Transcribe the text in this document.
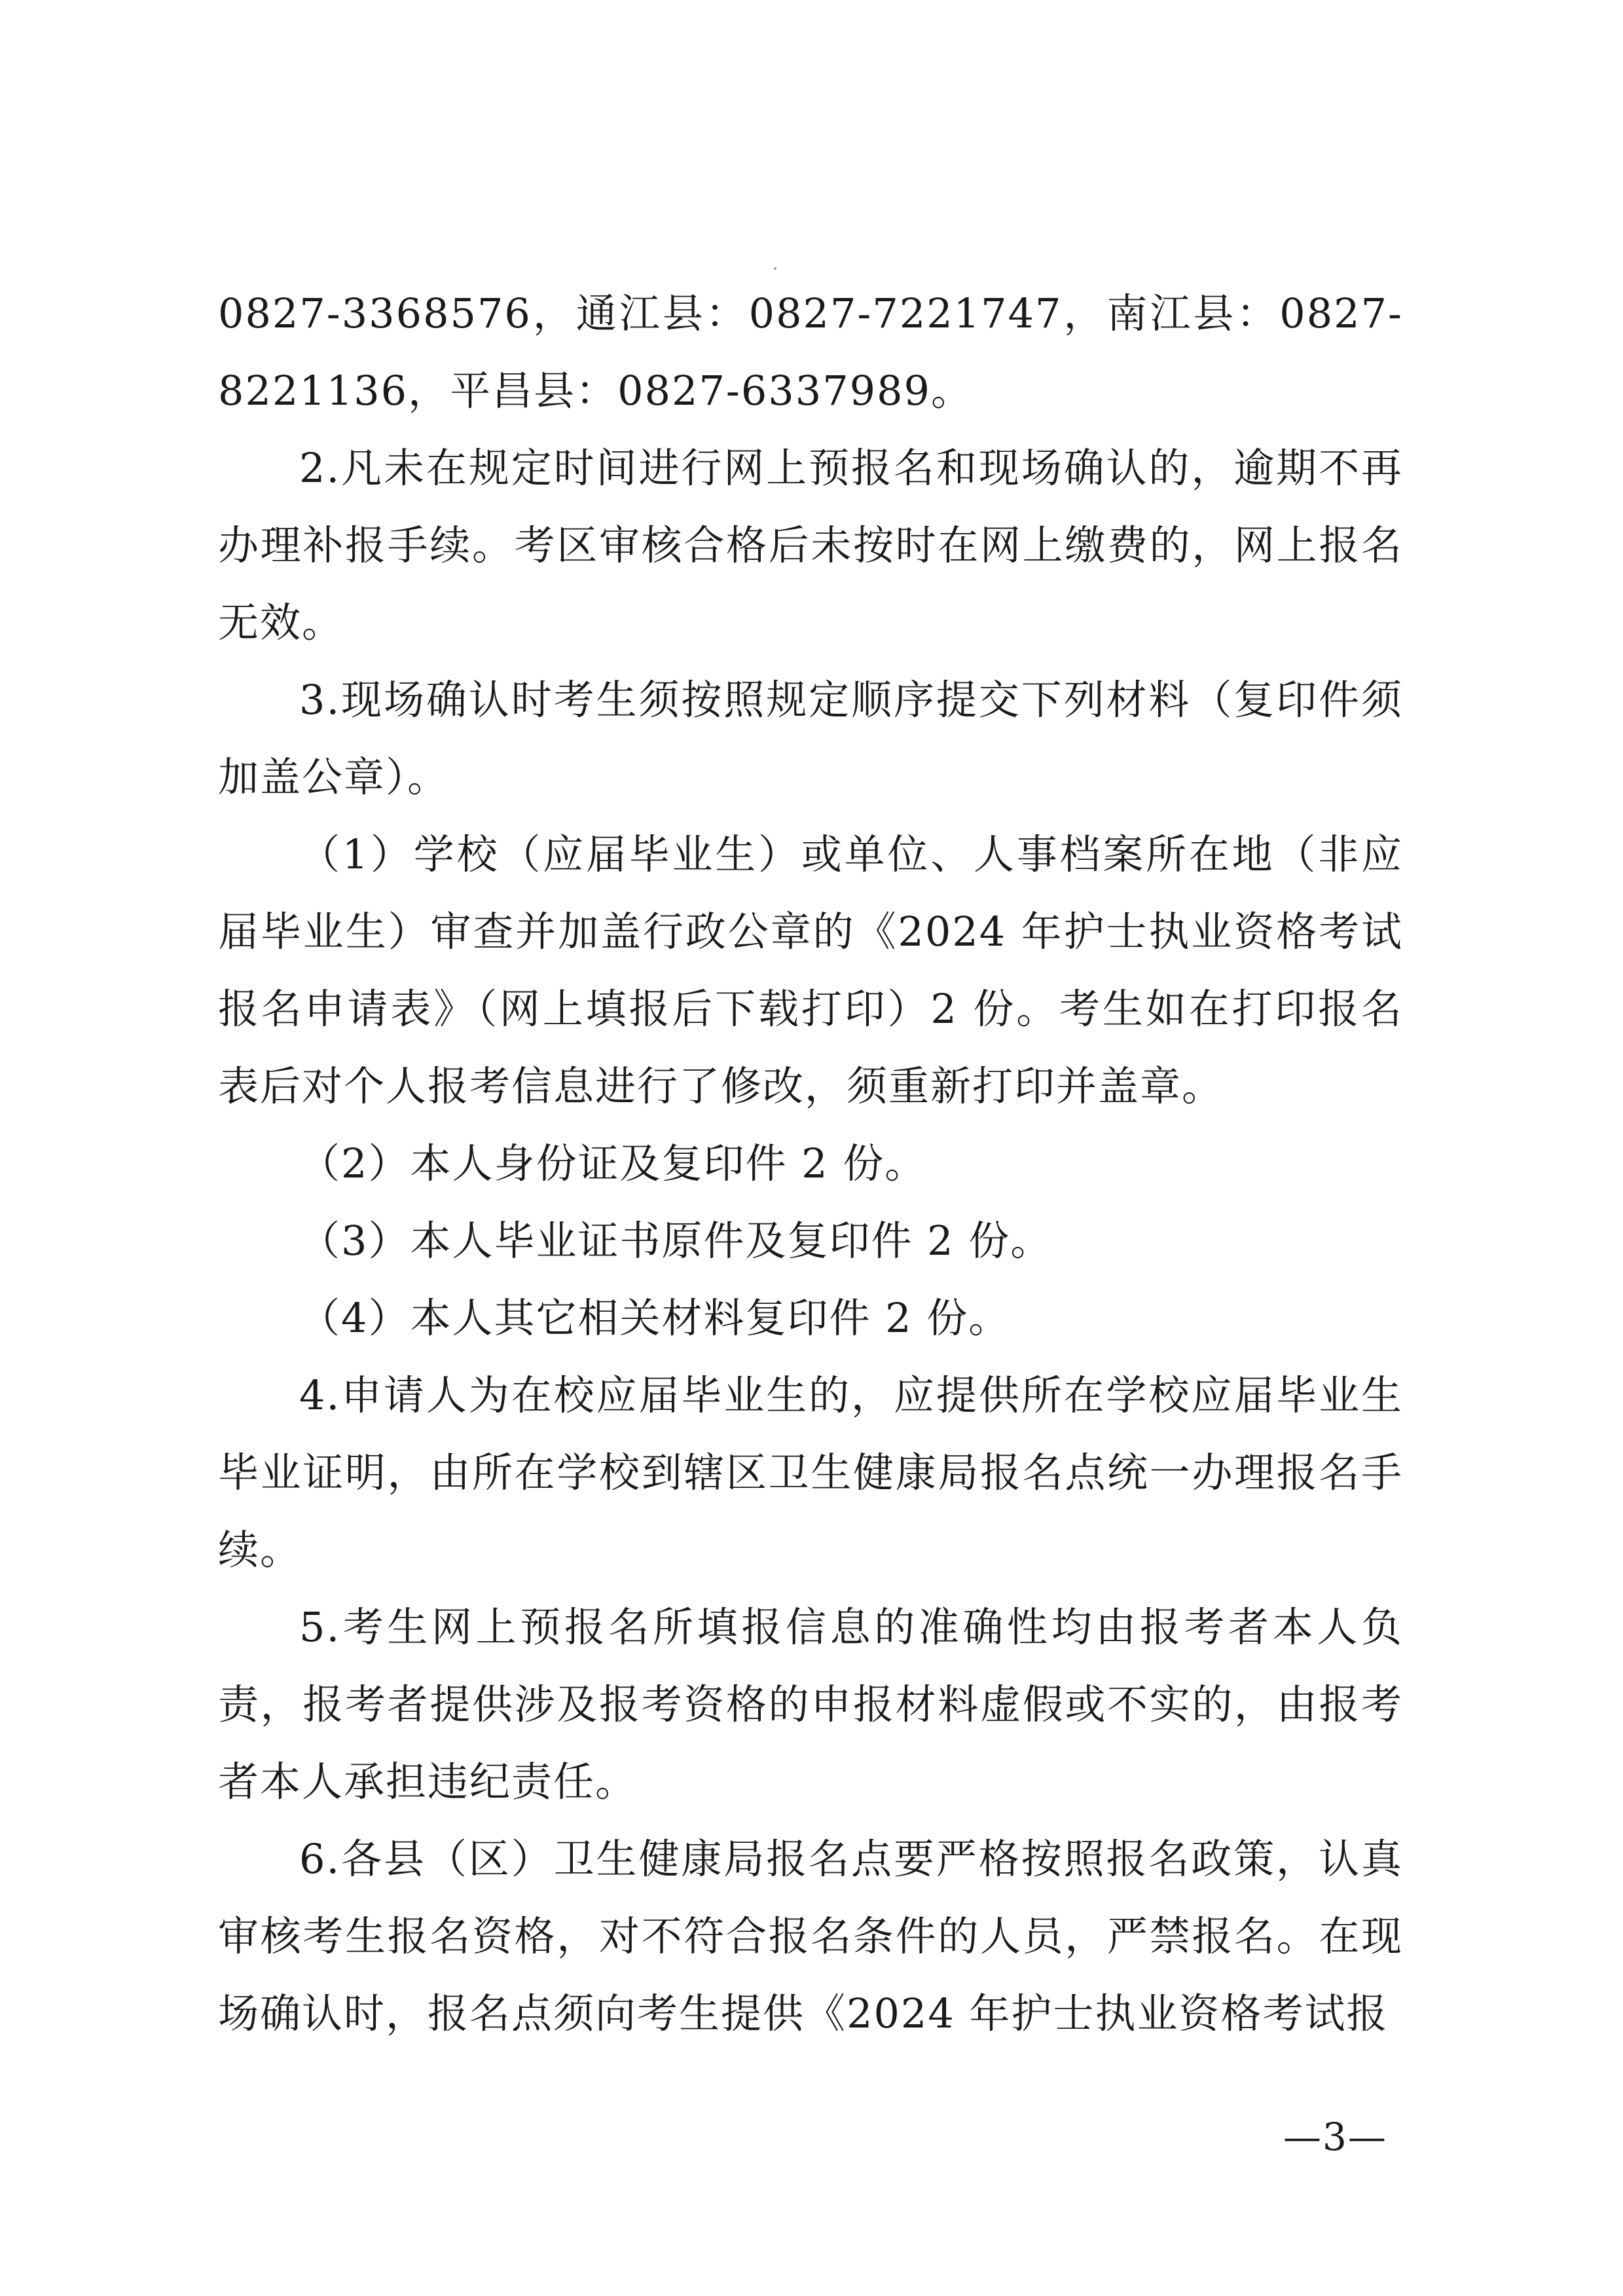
0827-3368576，通江县：0827-7221747，南江县：0827-8221136，平昌县：0827-6337989。

2.凡未在规定时间进行网上预报名和现场确认的，逾期不再办理补报手续。考区审核合格后未按时在网上缴费的，网上报名无效。

3.现场确认时考生须按照规定顺序提交下列材料（复印件须加盖公章）。

（1）学校（应届毕业生）或单位、人事档案所在地（非应届毕业生）审查并加盖行政公章的《2024 年护士执业资格考试报名申请表》（网上填报后下载打印）2 份。考生如在打印报名表后对个人报考信息进行了修改，须重新打印并盖章。

（2）本人身份证及复印件 2 份。

（3）本人毕业证书原件及复印件 2 份。

（4）本人其它相关材料复印件 2 份。

4.申请人为在校应届毕业生的，应提供所在学校应届毕业生毕业证明，由所在学校到辖区卫生健康局报名点统一办理报名手续。

5.考生网上预报名所填报信息的准确性均由报考者本人负责，报考者提供涉及报考资格的申报材料虚假或不实的，由报考者本人承担违纪责任。

6.各县（区）卫生健康局报名点要严格按照报名政策，认真审核考生报名资格，对不符合报名条件的人员，严禁报名。在现场确认时，报名点须向考生提供《2024 年护士执业资格考试报

—3—
